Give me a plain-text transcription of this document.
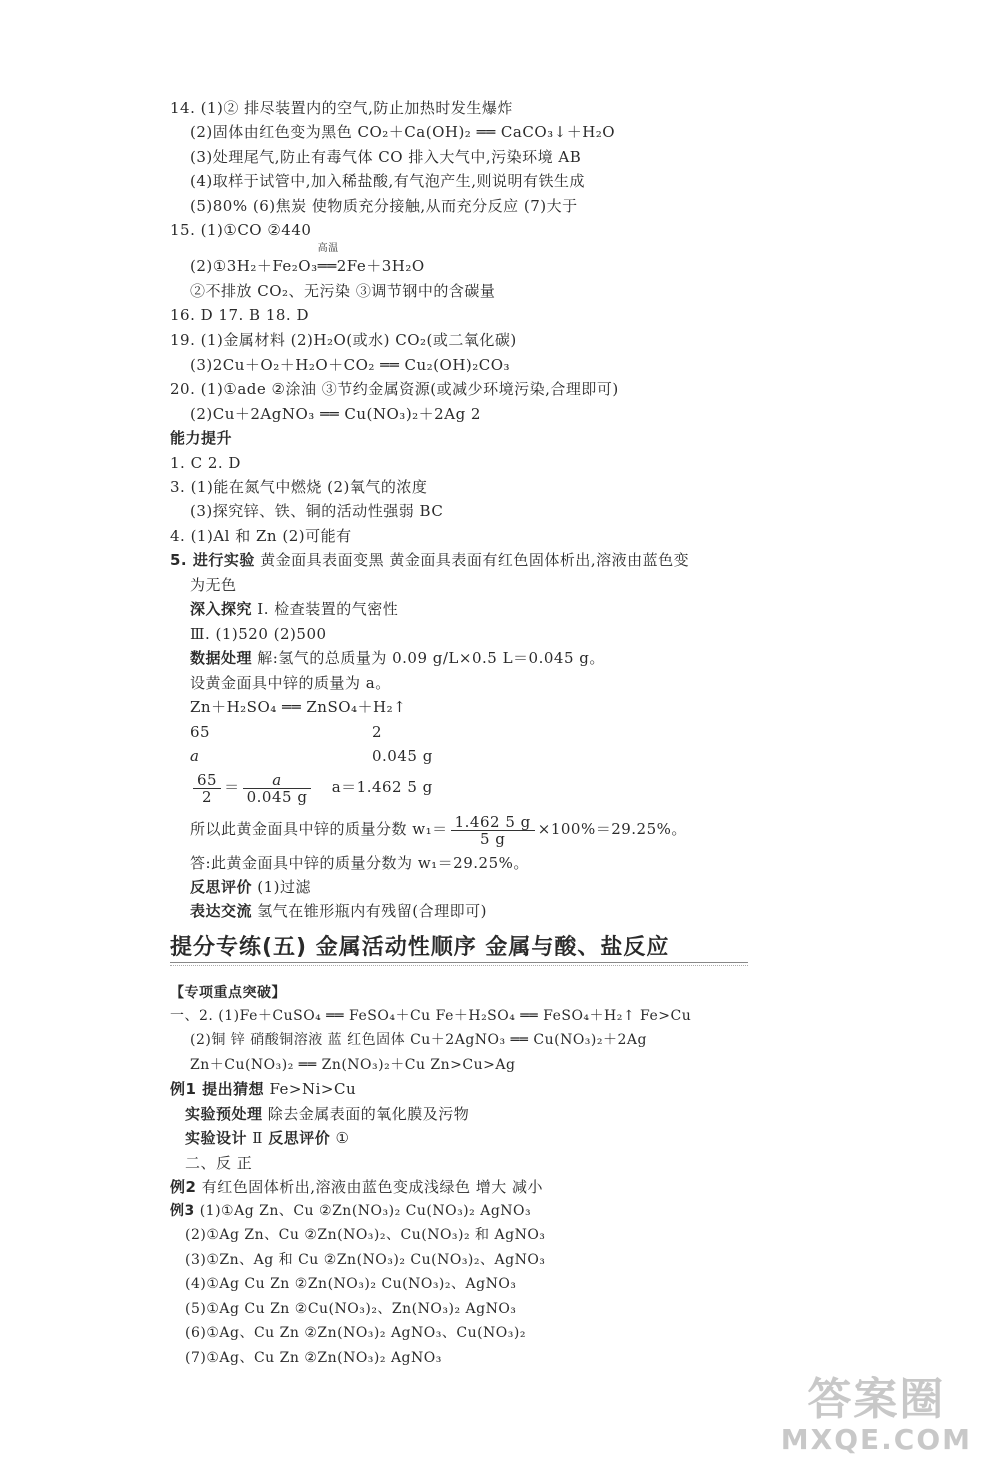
14. (1)② 排尽装置内的空气,防止加热时发生爆炸
(2)固体由红色变为黑色 CO₂＋Ca(OH)₂ ══ CaCO₃↓＋H₂O
(3)处理尾气,防止有毒气体 CO 排入大气中,污染环境 AB
(4)取样于试管中,加入稀盐酸,有气泡产生,则说明有铁生成
(5)80% (6)焦炭 使物质充分接触,从而充分反应 (7)大于
15. (1)①CO ②440
(2)①3H₂＋Fe₂O₃
高温
══2Fe＋3H₂O
②不排放 CO₂、无污染 ③调节钢中的含碳量
16. D 17. B 18. D
19. (1)金属材料 (2)H₂O(或水) CO₂(或二氧化碳)
(3)2Cu＋O₂＋H₂O＋CO₂ ══ Cu₂(OH)₂CO₃
20. (1)①ade ②涂油 ③节约金属资源(或减少环境污染,合理即可)
(2)Cu＋2AgNO₃ ══ Cu(NO₃)₂＋2Ag 2
能力提升
1. C 2. D
3. (1)能在氮气中燃烧 (2)氧气的浓度
(3)探究锌、铁、铜的活动性强弱 BC
4. (1)Al 和 Zn (2)可能有
5. 进行实验 黄金面具表面变黑 黄金面具表面有红色固体析出,溶液由蓝色变
为无色
深入探究 Ⅰ. 检查装置的气密性
Ⅲ. (1)520 (2)500
数据处理 解:氢气的总质量为 0.09 g/L×0.5 L＝0.045 g。
设黄金面具中锌的质量为 a。
Zn＋H₂SO₄ ══ ZnSO₄＋H₂↑
65	2
a	0.045 g
$\frac{65}{2} = \frac{a}{0.045 g} a=1.462$ 5 g
所以此黄金面具中锌的质量分数 $w_1= \frac{1.462 5 g}{5 g} \times 100\%=29.25\%$。
答:此黄金面具中锌的质量分数为 w₁＝29.25%。
反思评价 (1)过滤
表达交流 氢气在锥形瓶内有残留(合理即可)
提分专练(五) 金属活动性顺序 金属与酸、盐反应
【专项重点突破】
一、2. (1)Fe＋CuSO₄ ══ FeSO₄＋Cu Fe＋H₂SO₄ ══ FeSO₄＋H₂↑ Fe>Cu
(2)铜 锌 硝酸铜溶液 蓝 红色固体 Cu＋2AgNO₃ ══ Cu(NO₃)₂＋2Ag
Zn＋Cu(NO₃)₂ ══ Zn(NO₃)₂＋Cu Zn>Cu>Ag
例1 提出猜想 Fe>Ni>Cu
实验预处理 除去金属表面的氧化膜及污物
实验设计 Ⅱ 反思评价 ①
二、反 正
例2 有红色固体析出,溶液由蓝色变成浅绿色 增大 减小
例3 (1)①Ag Zn、Cu ②Zn(NO₃)₂ Cu(NO₃)₂ AgNO₃
(2)①Ag Zn、Cu ②Zn(NO₃)₂、Cu(NO₃)₂ 和 AgNO₃
(3)①Zn、Ag 和 Cu ②Zn(NO₃)₂ Cu(NO₃)₂、AgNO₃
(4)①Ag Cu Zn ②Zn(NO₃)₂ Cu(NO₃)₂、AgNO₃
(5)①Ag Cu Zn ②Cu(NO₃)₂、Zn(NO₃)₂ AgNO₃
(6)①Ag、Cu Zn ②Zn(NO₃)₂ AgNO₃、Cu(NO₃)₂
(7)①Ag、Cu Zn ②Zn(NO₃)₂ AgNO₃
答案圈
MXQE.COM
